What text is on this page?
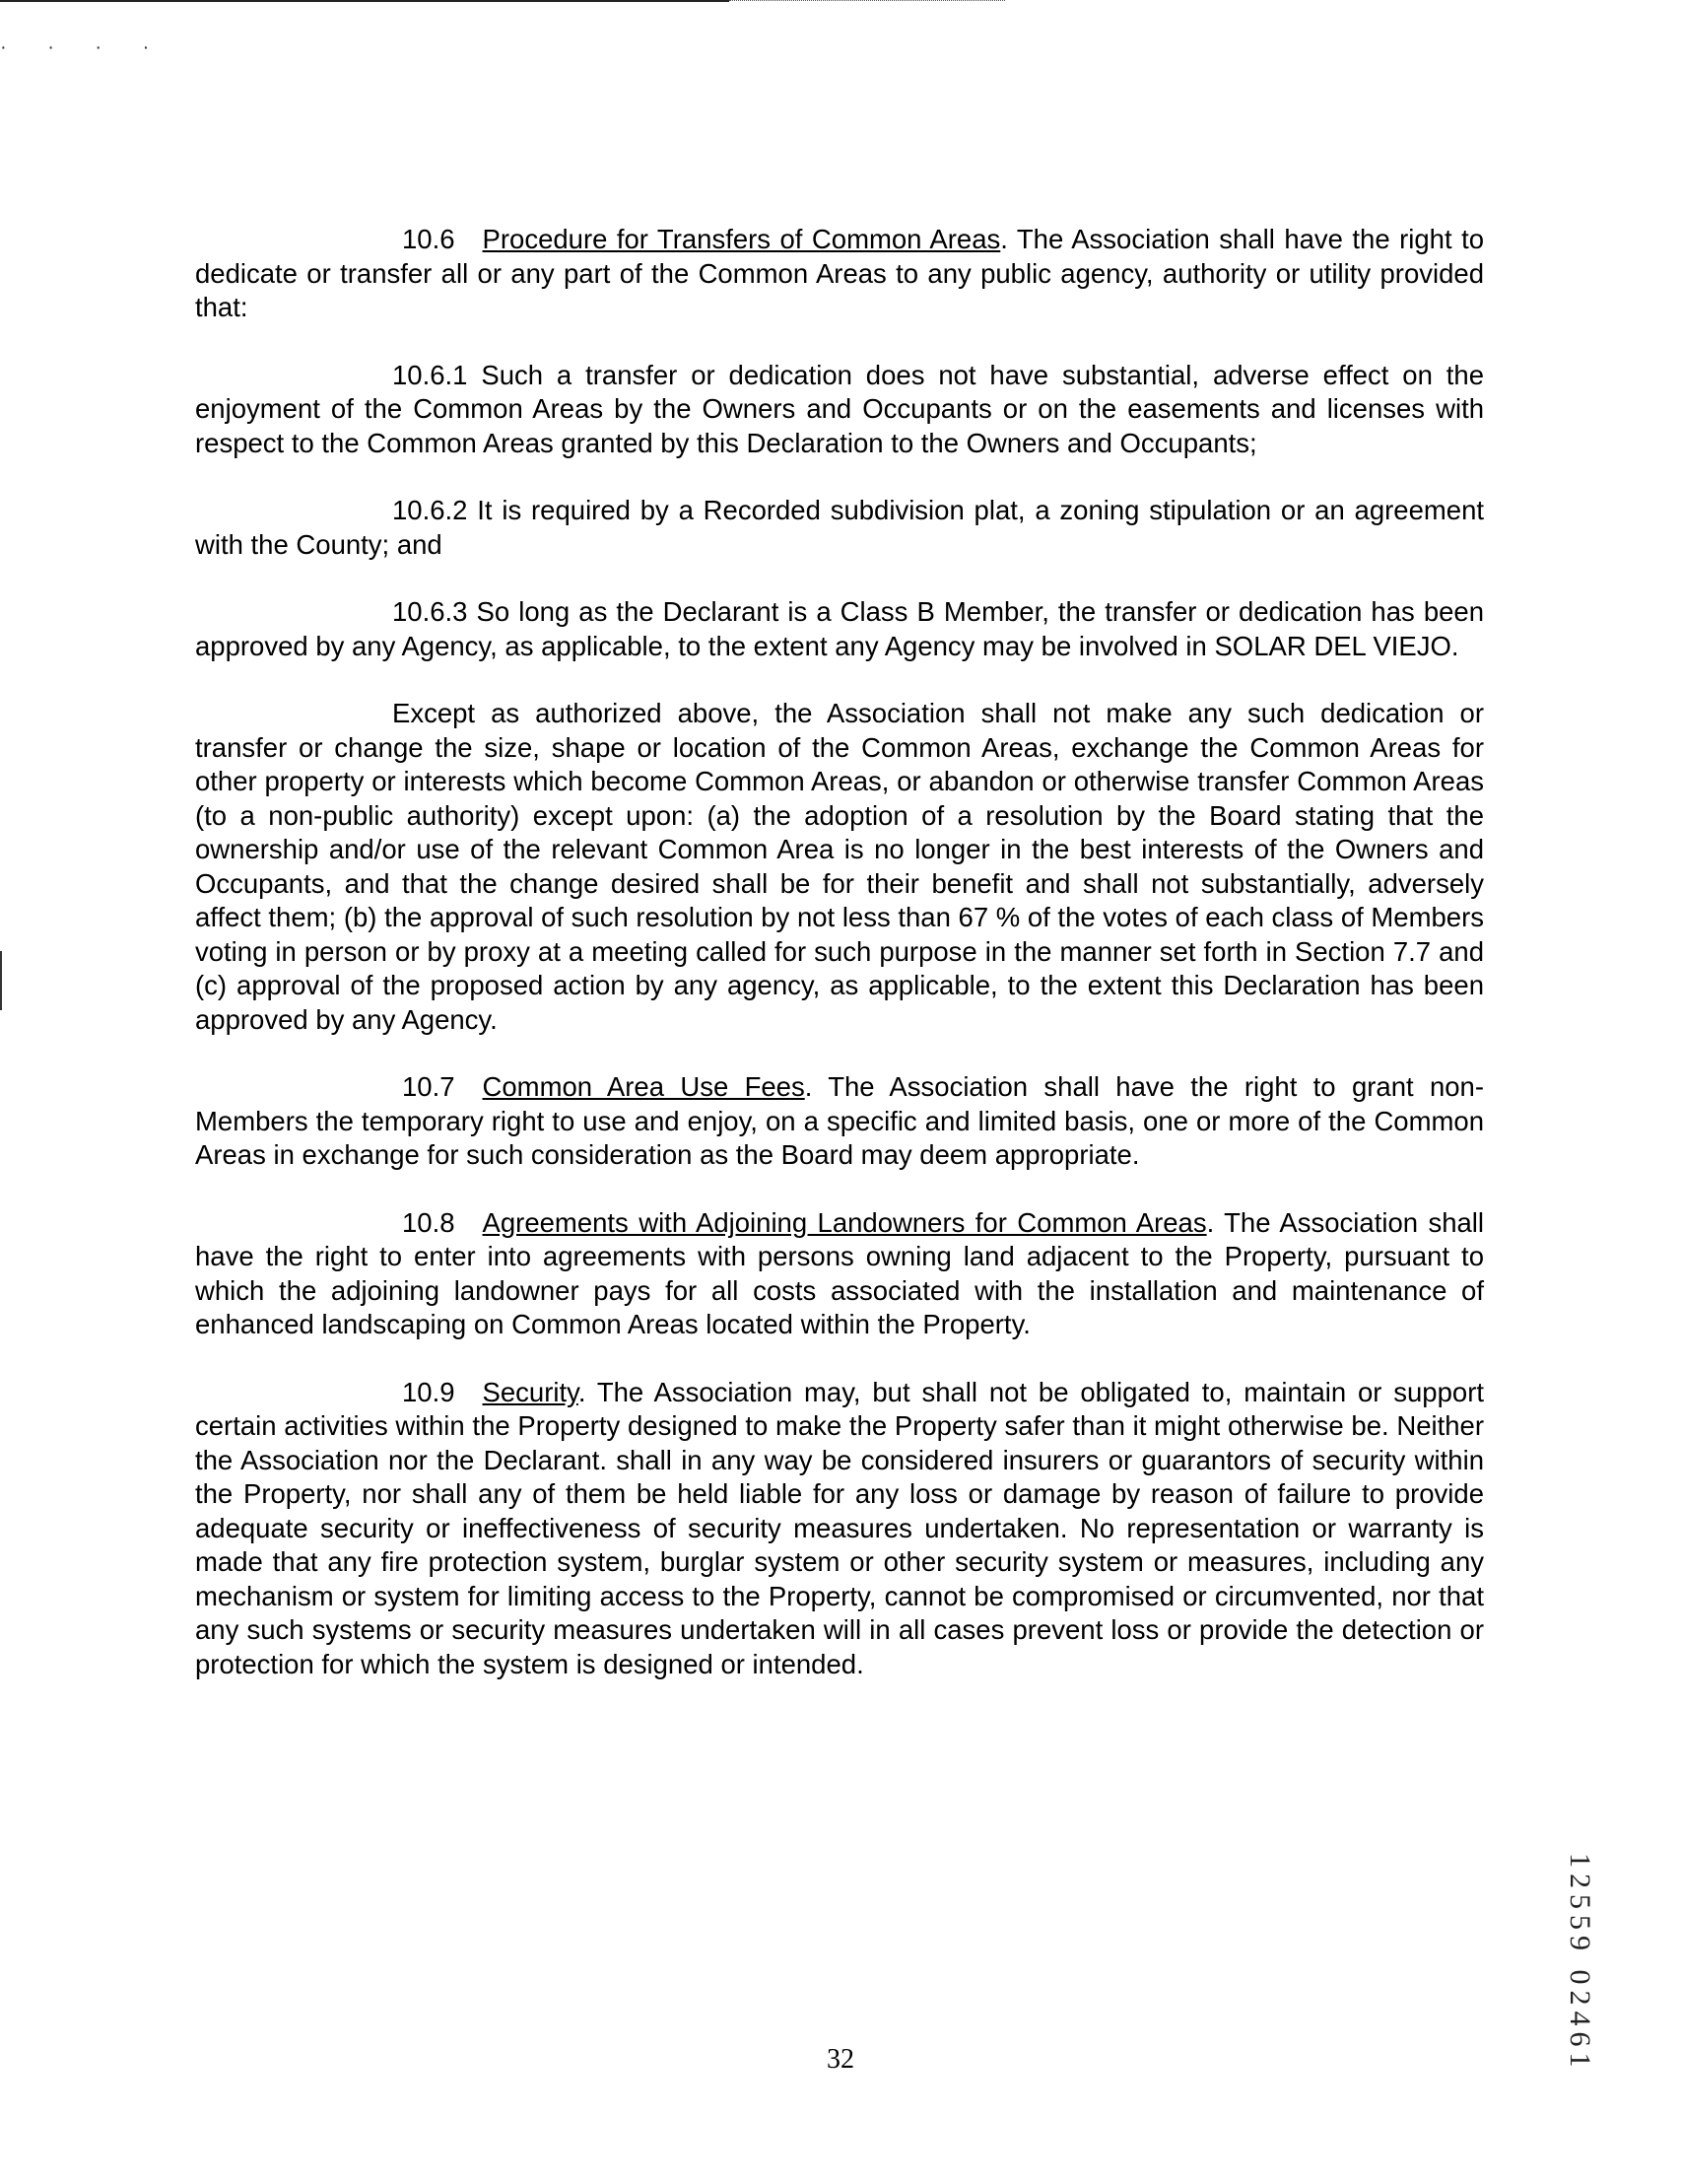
· · · ·

10.6 Procedure for Transfers of Common Areas. The Association shall have the right to dedicate or transfer all or any part of the Common Areas to any public agency, authority or utility provided that:

10.6.1 Such a transfer or dedication does not have substantial, adverse effect on the enjoyment of the Common Areas by the Owners and Occupants or on the easements and licenses with respect to the Common Areas granted by this Declaration to the Owners and Occupants;

10.6.2 It is required by a Recorded subdivision plat, a zoning stipulation or an agreement with the County; and

10.6.3 So long as the Declarant is a Class B Member, the transfer or dedication has been approved by any Agency, as applicable, to the extent any Agency may be involved in SOLAR DEL VIEJO.

Except as authorized above, the Association shall not make any such dedication or transfer or change the size, shape or location of the Common Areas, exchange the Common Areas for other property or interests which become Common Areas, or abandon or otherwise transfer Common Areas (to a non-public authority) except upon: (a) the adoption of a resolution by the Board stating that the ownership and/or use of the relevant Common Area is no longer in the best interests of the Owners and Occupants, and that the change desired shall be for their benefit and shall not substantially, adversely affect them; (b) the approval of such resolution by not less than 67 % of the votes of each class of Members voting in person or by proxy at a meeting called for such purpose in the manner set forth in Section 7.7 and (c) approval of the proposed action by any agency, as applicable, to the extent this Declaration has been approved by any Agency.

10.7 Common Area Use Fees. The Association shall have the right to grant non-Members the temporary right to use and enjoy, on a specific and limited basis, one or more of the Common Areas in exchange for such consideration as the Board may deem appropriate.

10.8 Agreements with Adjoining Landowners for Common Areas. The Association shall have the right to enter into agreements with persons owning land adjacent to the Property, pursuant to which the adjoining landowner pays for all costs associated with the installation and maintenance of enhanced landscaping on Common Areas located within the Property.

10.9 Security. The Association may, but shall not be obligated to, maintain or support certain activities within the Property designed to make the Property safer than it might otherwise be. Neither the Association nor the Declarant. shall in any way be considered insurers or guarantors of security within the Property, nor shall any of them be held liable for any loss or damage by reason of failure to provide adequate security or ineffectiveness of security measures undertaken. No representation or warranty is made that any fire protection system, burglar system or other security system or measures, including any mechanism or system for limiting access to the Property, cannot be compromised or circumvented, nor that any such systems or security measures undertaken will in all cases prevent loss or provide the detection or protection for which the system is designed or intended.

12559 02461
32
